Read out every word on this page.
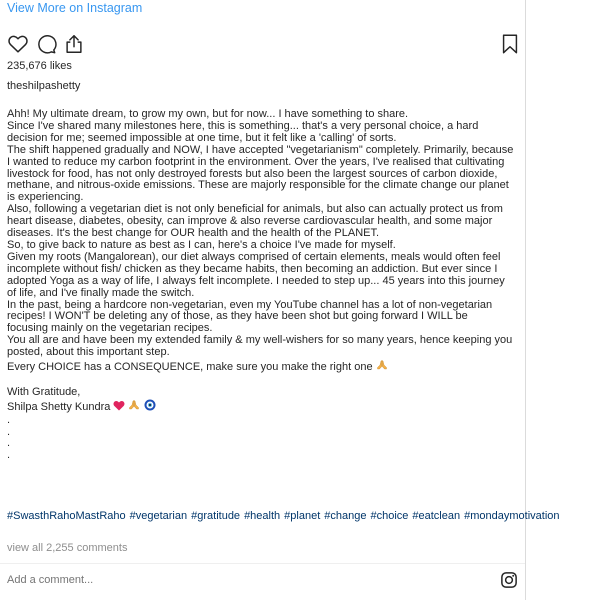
View More on Instagram
235,676 likes
theshilpashetty

Ahh! My ultimate dream, to grow my own, but for now... I have something to share.

Since I've shared many milestones here, this is something... that's a very personal choice, a hard

decision for me; seemed impossible at one time, but it felt like a 'calling' of sorts.

The shift happened gradually and NOW, I have accepted "vegetarianism" completely. Primarily, because

I wanted to reduce my carbon footprint in the environment. Over the years, I've realised that cultivating

livestock for food, has not only destroyed forests but also been the largest sources of carbon dioxide,

methane, and nitrous-oxide emissions. These are majorly responsible for the climate change our planet

is experiencing.

Also, following a vegetarian diet is not only beneficial for animals, but also can actually protect us from

heart disease, diabetes, obesity, can improve & also reverse cardiovascular health, and some major

diseases. It's the best change for OUR health and the health of the PLANET.

So, to give back to nature as best as I can, here's a choice I've made for myself.

Given my roots (Mangalorean), our diet always comprised of certain elements, meals would often feel

incomplete without fish/ chicken as they became habits, then becoming an addiction. But ever since I

adopted Yoga as a way of life, I always felt incomplete. I needed to step up... 45 years into this journey

of life, and I've finally made the switch.

In the past, being a hardcore non-vegetarian, even my YouTube channel has a lot of non-vegetarian

recipes! I WON'T be deleting any of those, as they have been shot but going forward I WILL be

focusing mainly on the vegetarian recipes.

You all are and have been my extended family & my well-wishers for so many years, hence keeping you

posted, about this important step.

Every CHOICE has a CONSEQUENCE, make sure you make the right one

With Gratitude,

Shilpa Shetty Kundra

.

.

.

.

#SwasthRahoMastRaho #vegetarian #gratitude #health #planet #change #choice #eatclean #mondaymotivation
view all 2,255 comments
Add a comment...
